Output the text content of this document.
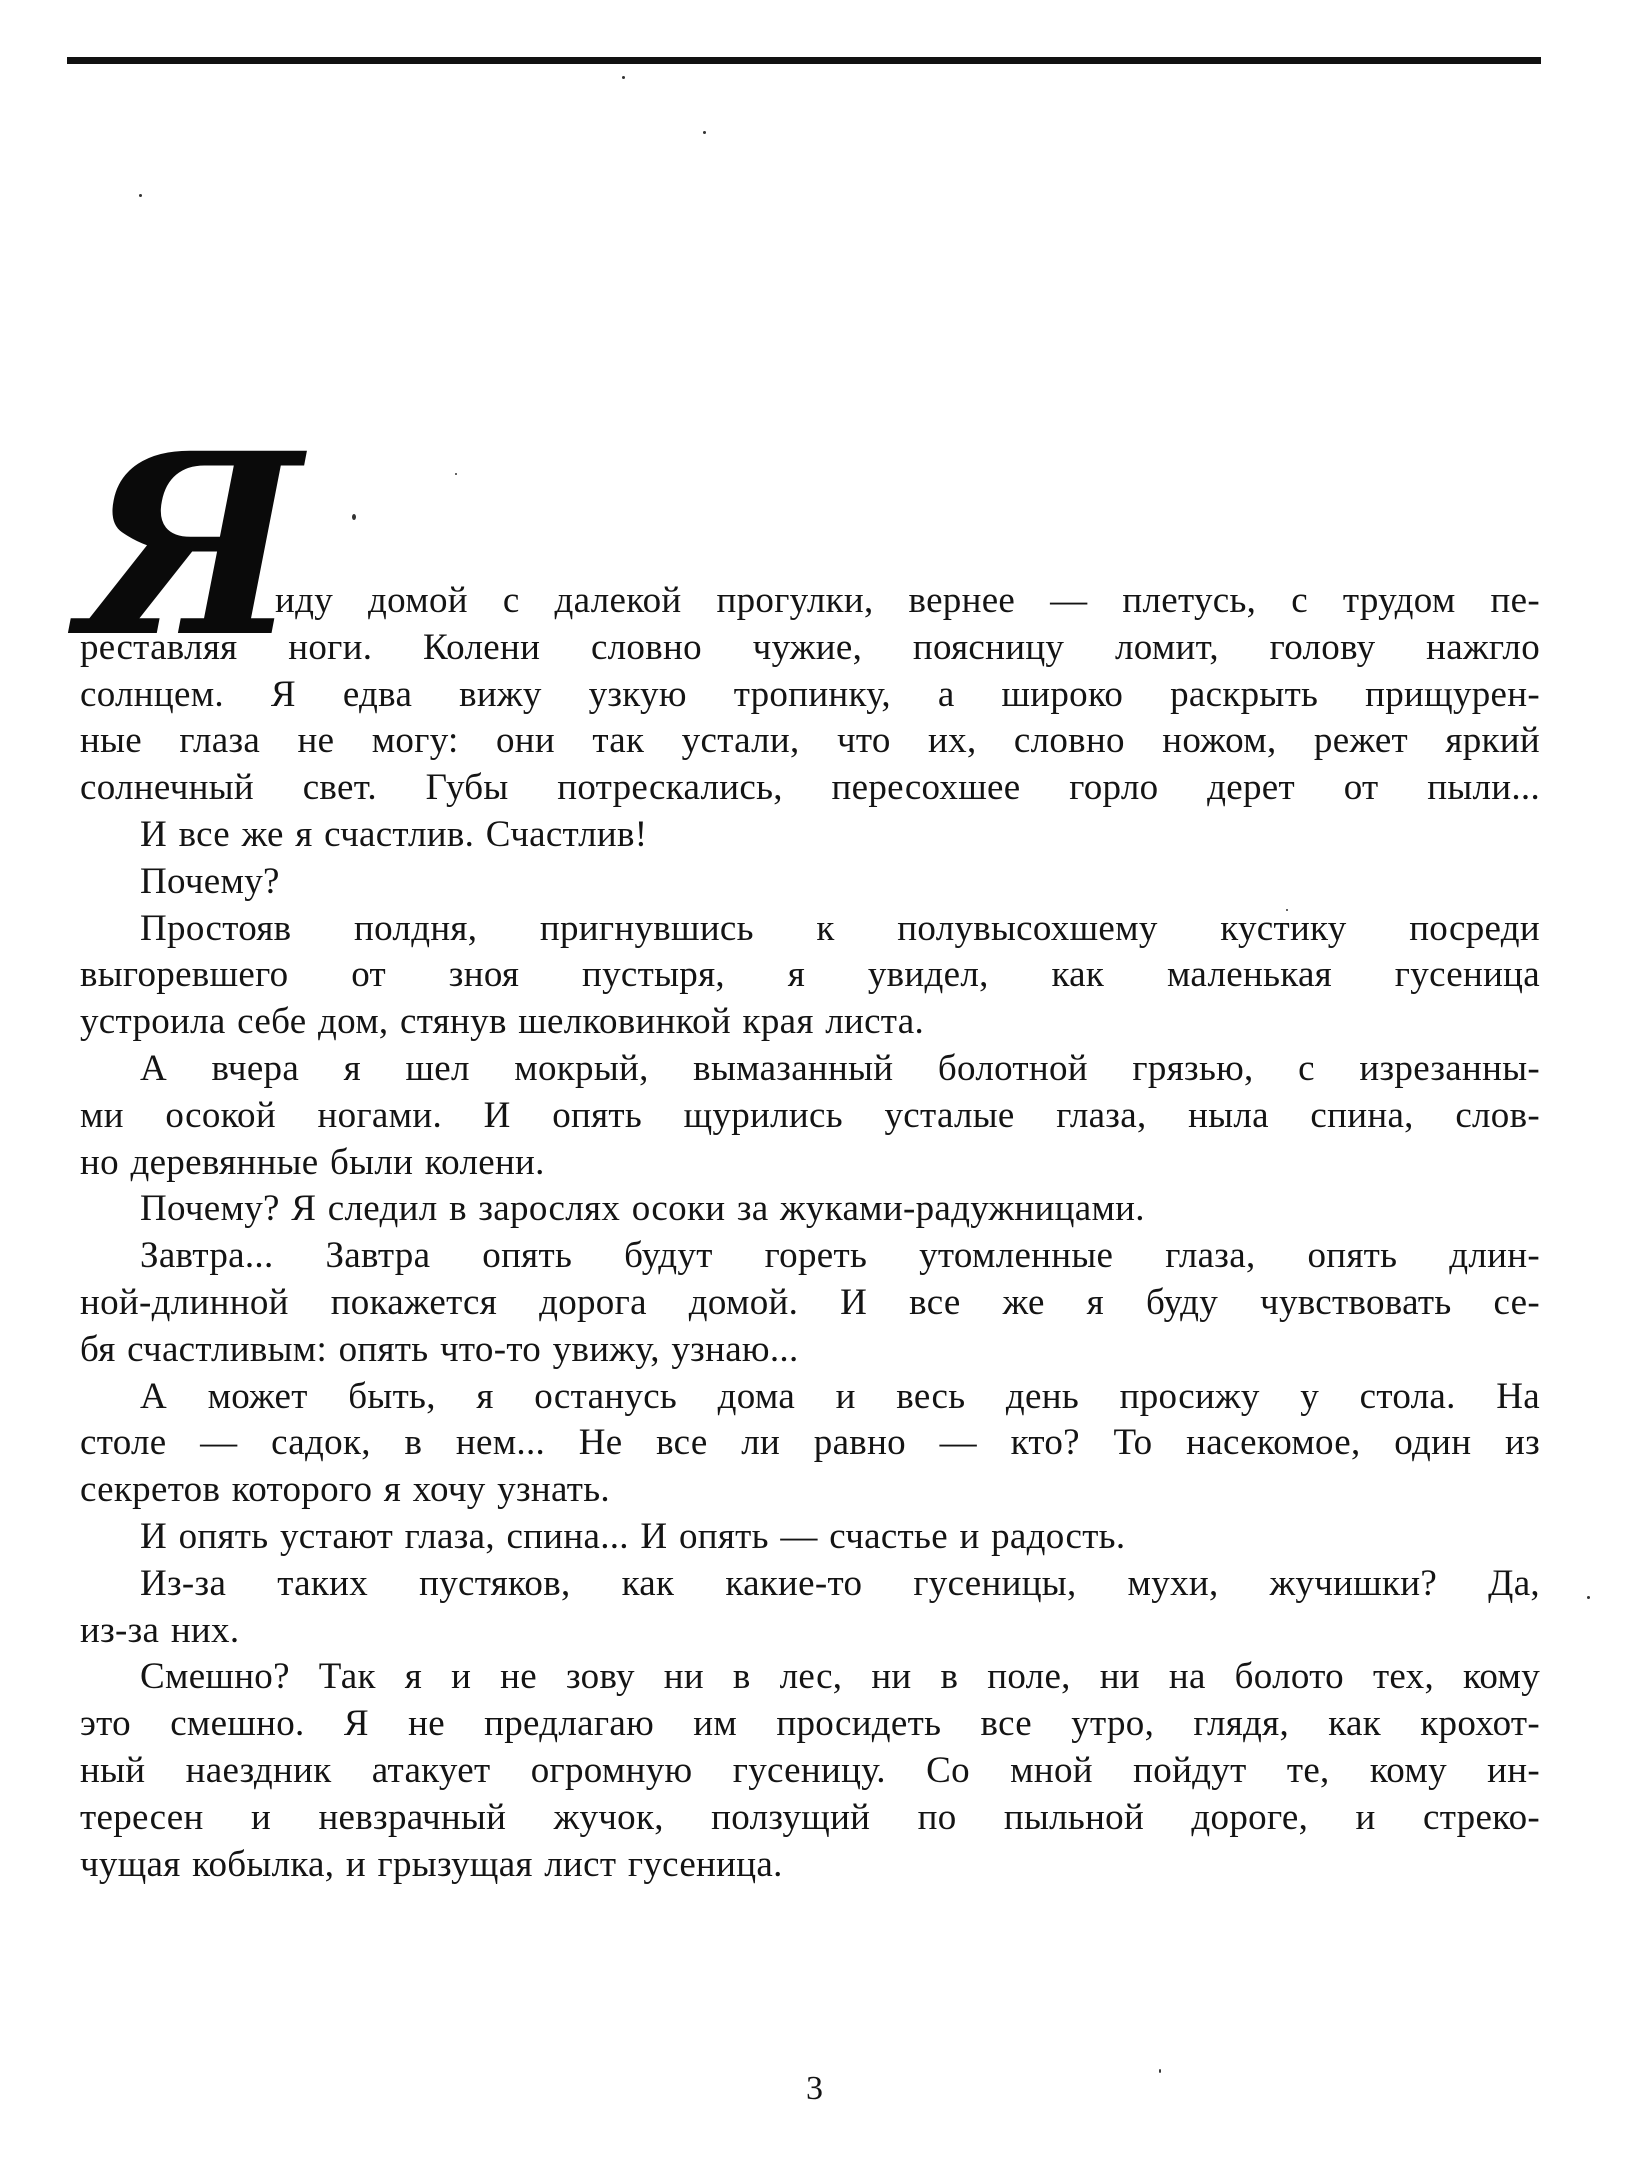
Я
иду домой с далекой прогулки, вернее — плетусь, с трудом пе-
реставляя ноги. Колени словно чужие, поясницу ломит, голову нажгло
солнцем. Я едва вижу узкую тропинку, а широко раскрыть прищурен-
ные глаза не могу: они так устали, что их, словно ножом, режет яркий
солнечный свет. Губы потрескались, пересохшее горло дерет от пыли...
И все же я счастлив. Счастлив!
Почему?
Простояв полдня, пригнувшись к полувысохшему кустику посреди
выгоревшего от зноя пустыря, я увидел, как маленькая гусеница
устроила себе дом, стянув шелковинкой края листа.
А вчера я шел мокрый, вымазанный болотной грязью, с изрезанны-
ми осокой ногами. И опять щурились усталые глаза, ныла спина, слов-
но деревянные были колени.
Почему? Я следил в зарослях осоки за жуками-радужницами.
Завтра... Завтра опять будут гореть утомленные глаза, опять длин-
ной-длинной покажется дорога домой. И все же я буду чувствовать се-
бя счастливым: опять что-то увижу, узнаю...
А может быть, я останусь дома и весь день просижу у стола. На
столе — садок, в нем... Не все ли равно — кто? То насекомое, один из
секретов которого я хочу узнать.
И опять устают глаза, спина... И опять — счастье и радость.
Из-за таких пустяков, как какие-то гусеницы, мухи, жучишки? Да,
из-за них.
Смешно? Так я и не зову ни в лес, ни в поле, ни на болото тех, кому
это смешно. Я не предлагаю им просидеть все утро, глядя, как крохот-
ный наездник атакует огромную гусеницу. Со мной пойдут те, кому ин-
тересен и невзрачный жучок, ползущий по пыльной дороге, и стреко-
чущая кобылка, и грызущая лист гусеница.
3
